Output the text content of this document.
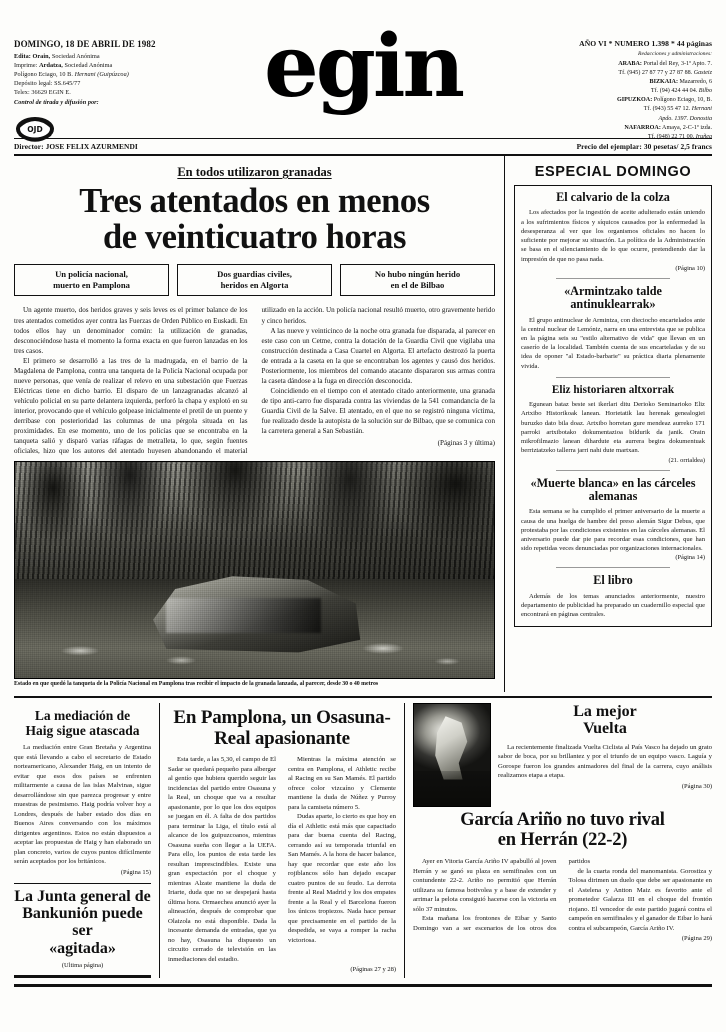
DOMINGO, 18 DE ABRIL DE 1982
Edita: Orain, Sociedad Anónima
Imprime: Ardatza, Sociedad Anónima
Polígono Eciago, 10 B. Hernani (Guipúzcoa)
Depósito legal: SS.645/77
Telex: 36629 EGIN E.
Control de tirada y difusión por:
OJD
egin	AÑO VI * NUMERO 1.398 * 44 páginas
Redacciones y administraciones:
ARABA: Portal del Rey, 3-1º Apto. 7.
Tf. (945) 27 87 77 y 27 87 88. Gasteiz
BIZKAIA: Mazarredo, 6
Tf. (94) 424 44 04. Bilbo
GIPUZKOA: Polígono Eciago, 10, B.
Tf. (943) 55 47 12. Hernani
Apdo. 1397. Donostia
NAFARROA: Amaya, 2-C-1º izda.
Tf. (948) 22 71 00. Iruñea
Director: JOSE FELIX AZURMENDI	Precio del ejemplar: 30 pesetas/ 2,5 francs
En todos utilizaron granadas
Tres atentados en menos
de veinticuatro horas
Un policía nacional,
muerto en Pamplona
Dos guardias civiles,
heridos en Algorta
No hubo ningún herido
en el de Bilbao

Un agente muerto, dos heridos graves y seis leves es el primer balance de los tres atentados cometidos ayer contra las Fuerzas de Orden Público en Euskadi. En todos ellos hay un denominador común: la utilización de granadas, desconociéndose hasta el momento la forma exacta en que fueron lanzadas en los tres casos.

El primero se desarrolló a las tres de la madrugada, en el barrio de la Magdalena de Pamplona, contra una tanqueta de la Policía Nacional ocupada por nueve personas, que venía de realizar el relevo en una subestación que Fuerzas Eléctricas tiene en dicho barrio. El disparo de un lanzagranadas alcanzó al vehículo policial en su parte delantera izquierda, perforó la chapa y explotó en su interior, provocando que el vehículo golpease inicialmente el pretil de un puente y derribase con posterioridad las columnas de una pérgola situada en las proximidades. En ese momento, uno de los policías que se encontraba en la tanqueta salió y disparó varias ráfagas de metralleta, lo que, según fuentes oficiales, hizo que los autores del atentado huyesen abandonando el material utilizado en la acción. Un policía nacional resultó muerto, otro gravemente herido y cinco heridos.

A las nueve y veinticinco de la noche otra granada fue disparada, al parecer en este caso con un Cetme, contra la dotación de la Guardia Civil que vigilaba una construcción destinada a Casa Cuartel en Algorta. El artefacto destrozó la puerta de entrada a la caseta en la que se encontraban los agentes y causó dos heridos. Posteriormente, los miembros del comando atacante dispararon sus armas contra la caseta dándose a la fuga en dirección desconocida.

Coincidiendo en el tiempo con el atentado citado anteriormente, una granada de tipo anti-carro fue disparada contra las viviendas de la 541 comandancia de la Guardia Civil de la Salve. El atentado, en el que no se registró ninguna víctima, fue realizado desde la autopista de la solución sur de Bilbao, que se comunica con la carretera general a San Sebastián.

(Páginas 3 y última)

Estado en que quedó la tanqueta de la Policía Nacional en Pamplona tras recibir el impacto de la granada lanzada, al parecer, desde 30 o 40 metros
ESPECIAL DOMINGO
El calvario de la colza
Los afectados por la ingestión de aceite adulterado están uniendo a los sufrimientos físicos y síquicos causados por la enfermedad la desesperanza al ver que los organismos oficiales no hacen lo suficiente por mejorar su situación. La política de la Administración se basa en el silenciamiento de lo que ocurre, pretendiendo dar la impresión de que no pasa nada.
(Página 10)
«Armintzako talde antinuklearrak»
El grupo antinuclear de Armintza, con dieciocho encartelados ante la central nuclear de Lemóniz, narra en una entrevista que se publica en la página seis su "estilo alternativo de vida" que llevan en un caserío de la localidad. También cuenta de sus encarteladas y de su idea de oponer "al Estado-barbarie" su práctica diaria plenamente vivida.
Eliz historiaren altxorrak
Egunean bataz beste sei ikerlari ditu Derioko Seminarioko Eliz Artxibo Historikoak lanean. Horietatik lau herenak genealogiei buruzko dato bila doaz. Artxibo horretan gure mendeaz aurreko 171 parroki artxibotako dokumentazioa bildurik da janik. Orain mikrofilmazio lanean dihardute eta aurrera begira dokumentuak berriztatzeko tallerra jarri nahi dute martxan.
(21. orrialdea)
«Muerte blanca» en las cárceles alemanas
Esta semana se ha cumplido el primer aniversario de la muerte a causa de una huelga de hambre del preso alemán Sigur Debus, que protestaba por las condiciones existentes en las cárceles alemanas. El aniversario puede dar pie para recordar esas condiciones, que han sido repetidas veces denunciadas por organizaciones internacionales.
(Página 14)
El libro
Además de los temas anunciados anteriormente, nuestro departamento de publicidad ha preparado un cuadernillo especial que encontrará en páginas centrales.
La mediación de
Haig sigue atascada
La mediación entre Gran Bretaña y Argentina que está llevando a cabo el secretario de Estado norteamericano, Alexander Haig, en un intento de evitar que esos dos países se enfrenten militarmente a causa de las islas Malvinas, sigue desarrollándose sin que parezca progresar y entre muestras de pesimismo. Haig podría volver hoy a Londres, después de haber estado dos días en Buenos Aires conversando con los máximos dirigentes argentinos. Estos no están dispuestos a aceptar las propuestas de Haig y han elaborado un plan concreto, varios de cuyos puntos difícilmente serán aceptados por los británicos.
(Página 15)
La Junta general de
Bankunión puede ser
«agitada»
(Ultima página)
En Pamplona, un Osasuna-
Real apasionante

Esta tarde, a las 5,30, el campo de El Sadar se quedará pequeño para albergar al gentío que hubiera querido seguir las incidencias del partido entre Osasuna y la Real, un choque que va a resultar apasionante, por lo que los dos equipos se juegan en él. A falta de dos partidos para terminar la Liga, el título está al alcance de los guipuzcoanos, mientras Osasuna sueña con llegar a la UEFA. Para ello, los puntos de esta tarde les resultan imprescindibles. Existe una gran expectación por el choque y mientras Alzate mantiene la duda de Iriarte, duda que no se despejará hasta última hora. Ormaechea anunció ayer la alineación, después de comprobar que Olaizola no está disponible. Dada la incesante demanda de entradas, que ya no hay, Osasuna ha dispuesto un circuito cerrado de televisión en las inmediaciones del estadio.

Mientras la máxima atención se centra en Pamplona, el Athletic recibe al Racing en su San Mamés. El partido ofrece color vizcaíno y Clemente mantiene la duda de Núñez y Purroy para la camiseta número 5.

Dudas aparte, lo cierto es que hoy en día el Athletic está más que capacitado para dar buena cuenta del Racing, cerrando así su temporada triunfal en San Mamés. A la hora de hacer balance, hay que recordar que este año los rojiblancos sólo han dejado escapar cuatro puntos de su feudo. La derrota frente al Real Madrid y los dos empates frente a la Real y el Barcelona fueron los únicos tropiezos. Nada hace pensar que precisamente en el partido de la despedida, se vaya a romper la racha victoriosa.

(Páginas 27 y 28)
La mejor
Vuelta
La recientemente finalizada Vuelta Ciclista al País Vasco ha dejado un grato sabor de boca, por su brillantez y por el triunfo de un equipo vasco. Laguía y Gorospe fueron los grandes animadores del final de la carrera, cuyo análisis realizamos etapa a etapa.
(Página 30)
García Ariño no tuvo rival
en Herrán (22-2)

Ayer en Vitoria García Ariño IV apabulló al joven Herrán y se ganó su plaza en semifinales con un contundente 22-2. Ariño no permitió que Herrán utilizara su famosa botivolea y a base de extender y arrimar la pelota consiguió hacerse con la victoria en sólo 37 minutos.

Esta mañana los frontones de Eibar y Santo Domingo van a ser escenarios de los otros dos partidos

de la cuarta ronda del manomanista. Gorostiza y Tolosa dirimen un duelo que debe ser apasionante en el Astelena y Antton Maiz es favorito ante el prometedor Galarza III en el choque del frontón riojano. El vencedor de este partido jugará contra el campeón en semifinales y el ganador de Eibar lo hará contra el subcampeón, García Ariño IV.

(Página 29)
